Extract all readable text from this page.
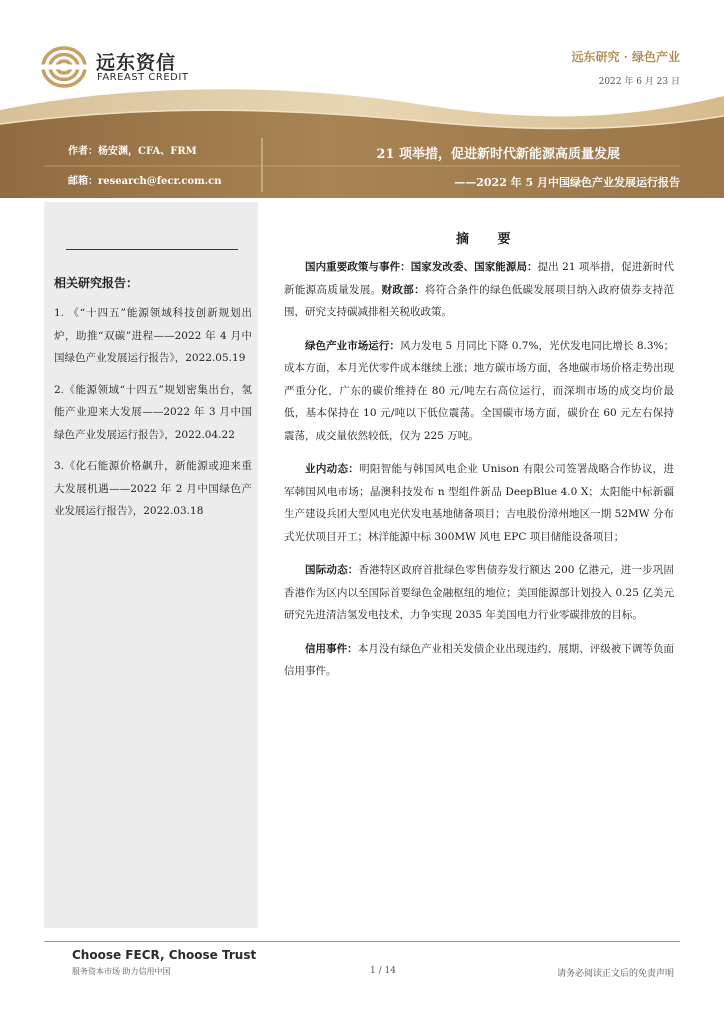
远东资信
FAREAST CREDIT
远东研究 · 绿色产业
2022 年 6 月 23 日
作者：杨安渊，CFA、FRM
邮箱：research@fecr.com.cn
21 项举措，促进新时代新能源高质量发展
——2022 年 5 月中国绿色产业发展运行报告
相关研究报告：
1. 《“十四五”能源领域科技创新规划出炉，助推“双碳”进程——2022 年 4 月中国绿色产业发展运行报告》，2022.05.19
2.《能源领域“十四五”规划密集出台，氢能产业迎来大发展——2022 年 3 月中国绿色产业发展运行报告》，2022.04.22
3.《化石能源价格飙升，新能源或迎来重大发展机遇——2022 年 2 月中国绿色产业发展运行报告》，2022.03.18
摘 要

国内重要政策与事件：国家发改委、国家能源局：提出 21 项举措，促进新时代新能源高质量发展。财政部：将符合条件的绿色低碳发展项目纳入政府债券支持范围，研究支持碳减排相关税收政策。

绿色产业市场运行：风力发电 5 月同比下降 0.7%，光伏发电同比增长 8.3%；成本方面，本月光伏零件成本继续上涨；地方碳市场方面，各地碳市场价格走势出现严重分化，广东的碳价维持在 80 元/吨左右高位运行，而深圳市场的成交均价最低，基本保持在 10 元/吨以下低位震荡。全国碳市场方面，碳价在 60 元左右保持震荡，成交量依然较低，仅为 225 万吨。

业内动态：明阳智能与韩国风电企业 Unison 有限公司签署战略合作协议，进军韩国风电市场；晶澳科技发布 n 型组件新品 DeepBlue 4.0 X；太阳能中标新疆生产建设兵团大型风电光伏发电基地储备项目；吉电股份漳州地区一期 52MW 分布式光伏项目开工；林洋能源中标 300MW 风电 EPC 项目储能设备项目；

国际动态：香港特区政府首批绿色零售债券发行额达 200 亿港元，进一步巩固香港作为区内以至国际首要绿色金融枢纽的地位；美国能源部计划投入 0.25 亿美元研究先进清洁氢发电技术，力争实现 2035 年美国电力行业零碳排放的目标。

信用事件：本月没有绿色产业相关发债企业出现违约、展期、评级被下调等负面信用事件。

Choose FECR, Choose Trust
服务资本市场 助力信用中国	1 / 14	请务必阅读正文后的免责声明
